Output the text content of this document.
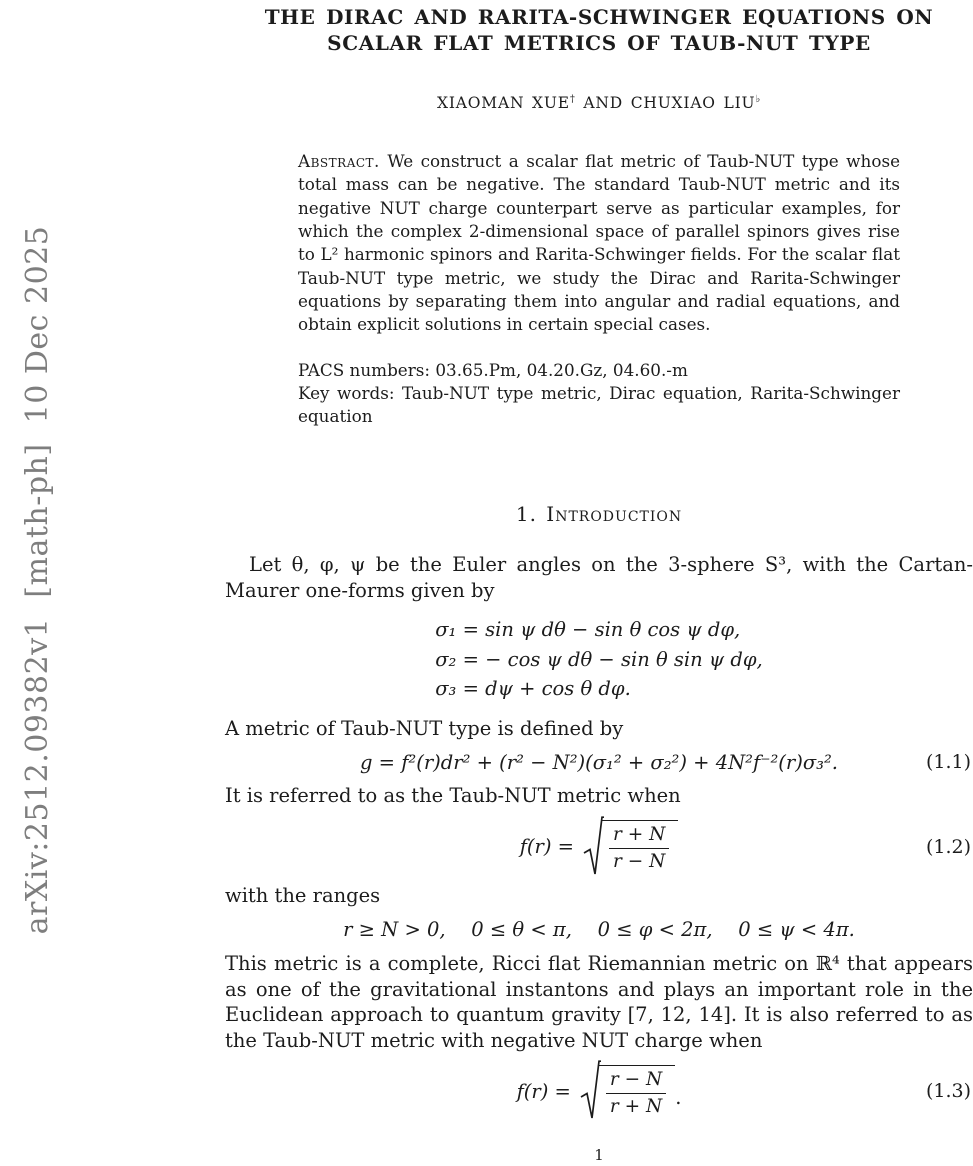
arXiv:2512.09382v1  [math-ph]  10 Dec 2025
THE DIRAC AND RARITA-SCHWINGER EQUATIONS ON
SCALAR FLAT METRICS OF TAUB-NUT TYPE
XIAOMAN XUE† AND CHUXIAO LIU♭

Abstract. We construct a scalar flat metric of Taub-NUT type whose total mass can be negative. The standard Taub-NUT metric and its negative NUT charge counterpart serve as particular examples, for which the complex 2-dimensional space of parallel spinors gives rise to L² harmonic spinors and Rarita-Schwinger fields. For the scalar flat Taub-NUT type metric, we study the Dirac and Rarita-Schwinger equations by separating them into angular and radial equations, and obtain explicit solutions in certain special cases.

PACS numbers: 03.65.Pm, 04.20.Gz, 04.60.-m

Key words: Taub-NUT type metric, Dirac equation, Rarita-Schwinger equation

1. Introduction

Let θ, φ, ψ be the Euler angles on the 3-sphere S³, with the Cartan-Maurer one-forms given by

σ₁ = sin ψ dθ − sin θ cos ψ dφ,
σ₂ = − cos ψ dθ − sin θ sin ψ dφ,
σ₃ = dψ + cos θ dφ.

A metric of Taub-NUT type is defined by

g = f²(r)dr² + (r² − N²)(σ₁² + σ₂²) + 4N²f⁻²(r)σ₃².	(1.1)

It is referred to as the Taub-NUT metric when

$f(r) = \frac{r + N}{r - N}$	(1.2)

with the ranges

r ≥ N > 0,  0 ≤ θ < π,  0 ≤ φ < 2π,  0 ≤ ψ < 4π.

This metric is a complete, Ricci flat Riemannian metric on ℝ⁴ that appears as one of the gravitational instantons and plays an important role in the Euclidean approach to quantum gravity [7, 12, 14]. It is also referred to as the Taub-NUT metric with negative NUT charge when

$f(r) = \frac{r - N}{r + N}$ .	(1.3)
1
